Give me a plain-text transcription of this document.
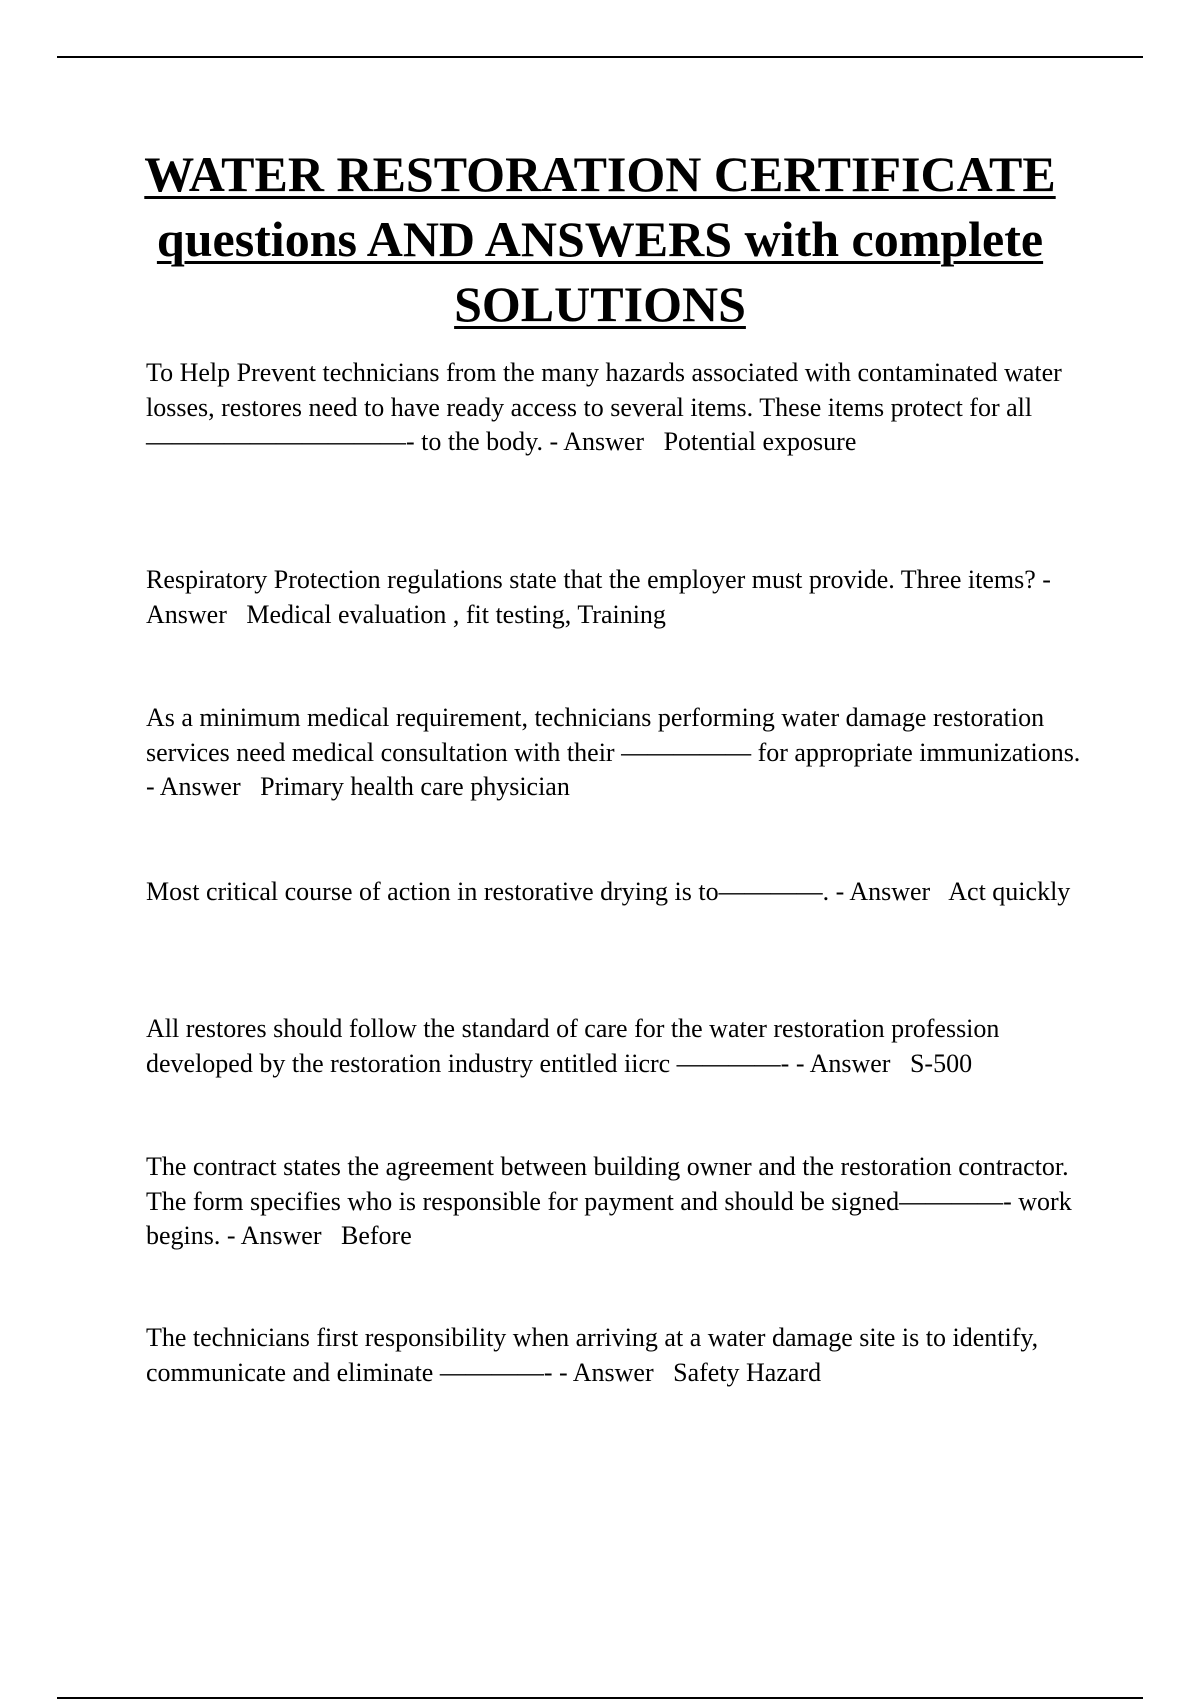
WATER RESTORATION CERTIFICATE questions AND ANSWERS with complete SOLUTIONS

To Help Prevent technicians from the many hazards associated with contaminated water losses, restores need to have ready access to several items. These items protect for all——————————- to the body. - Answer Potential exposure

Respiratory Protection regulations state that the employer must provide. Three items? - Answer Medical evaluation , fit testing, Training

As a minimum medical requirement, technicians performing water damage restoration services need medical consultation with their ————— for appropriate immunizations. - Answer Primary health care physician

Most critical course of action in restorative drying is to————. - Answer Act quickly

All restores should follow the standard of care for the water restoration profession developed by the restoration industry entitled iicrc ————- - Answer S-500

The contract states the agreement between building owner and the restoration contractor. The form specifies who is responsible for payment and should be signed————- work begins. - Answer Before

The technicians first responsibility when arriving at a water damage site is to identify, communicate and eliminate ————- - Answer Safety Hazard
